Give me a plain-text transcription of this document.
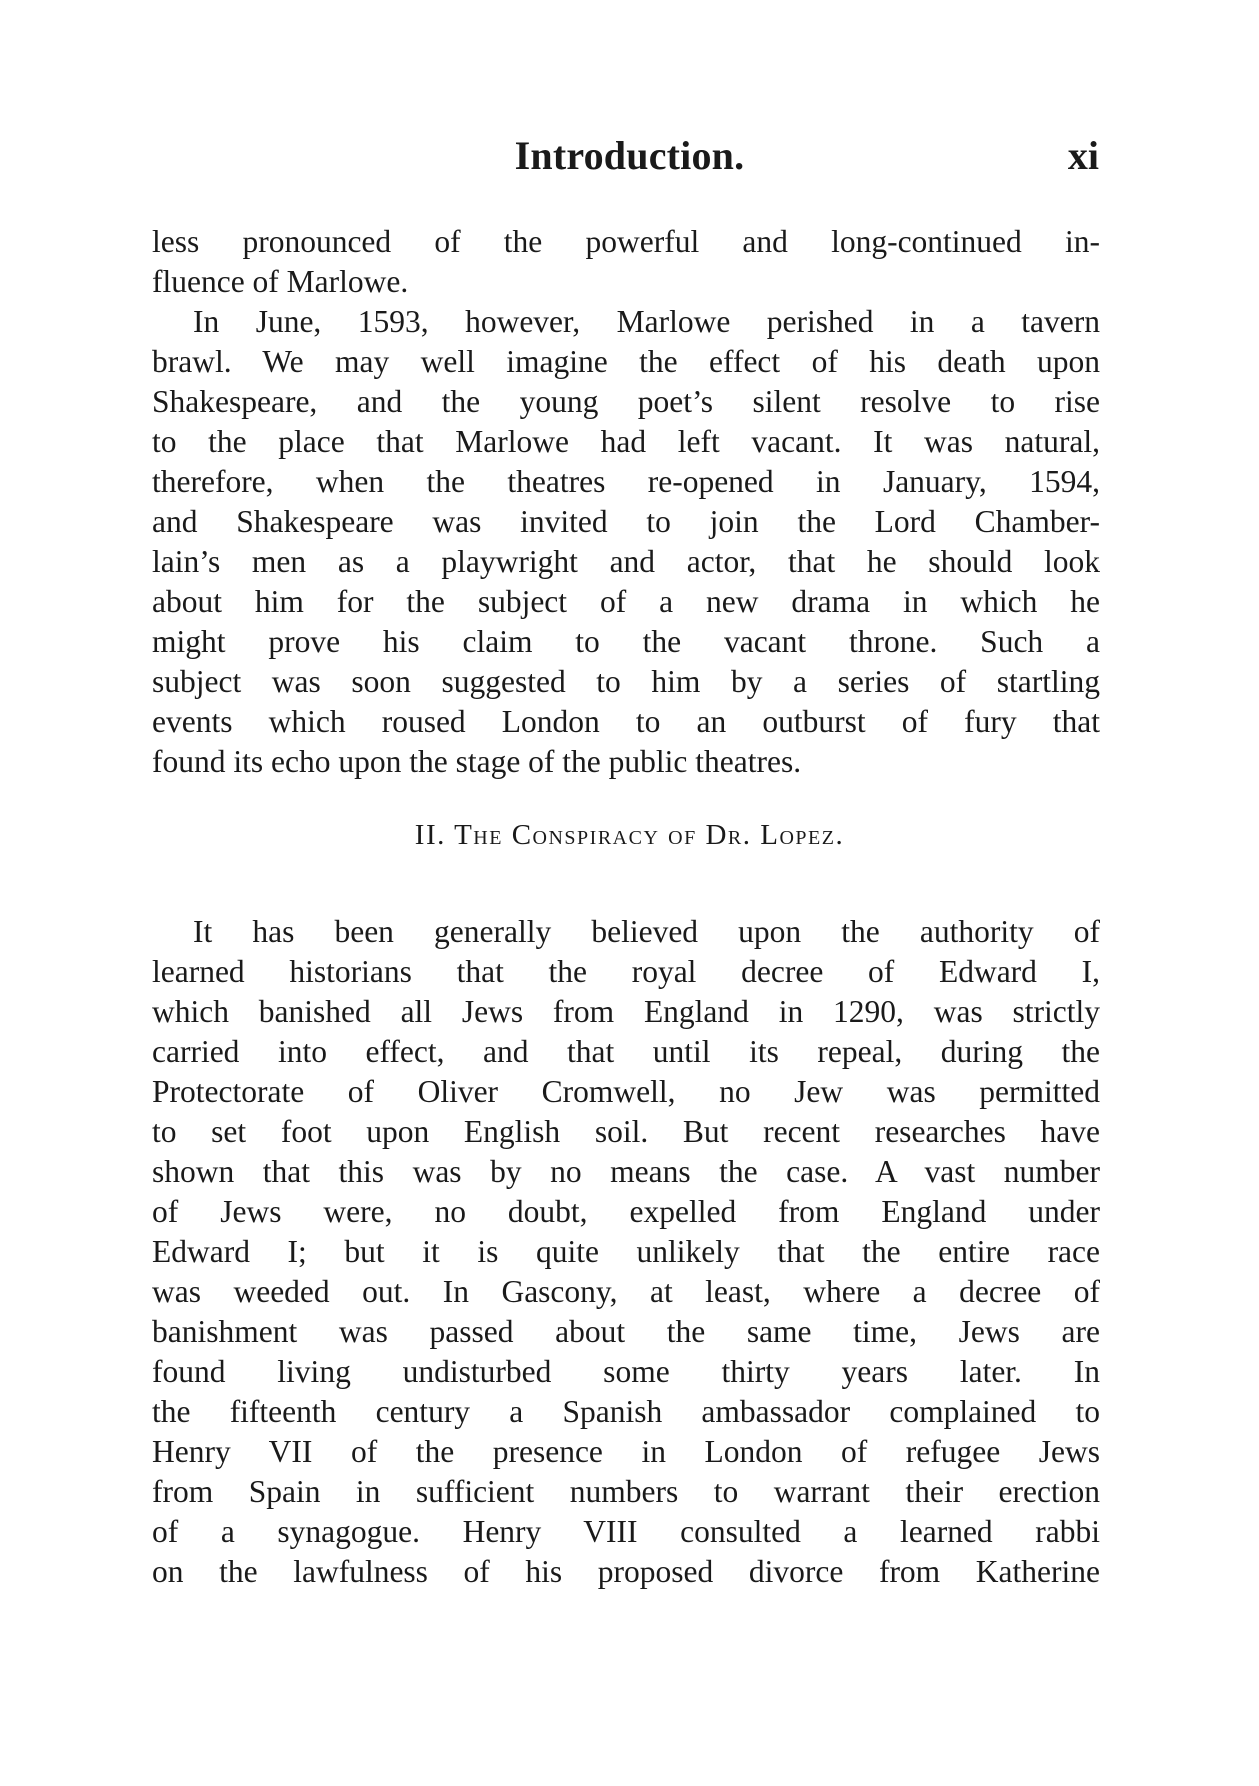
Introduction.	xi
less pronounced of the powerful and long-continued in-
fluence of Marlowe.
In June, 1593, however, Marlowe perished in a tavern
brawl. We may well imagine the effect of his death upon
Shakespeare, and the young poet’s silent resolve to rise
to the place that Marlowe had left vacant. It was natural,
therefore, when the theatres re-opened in January, 1594,
and Shakespeare was invited to join the Lord Chamber-
lain’s men as a playwright and actor, that he should look
about him for the subject of a new drama in which he
might prove his claim to the vacant throne. Such a
subject was soon suggested to him by a series of startling
events which roused London to an outburst of fury that
found its echo upon the stage of the public theatres.
II. The Conspiracy of Dr. Lopez.
It has been generally believed upon the authority of
learned historians that the royal decree of Edward I,
which banished all Jews from England in 1290, was strictly
carried into effect, and that until its repeal, during the
Protectorate of Oliver Cromwell, no Jew was permitted
to set foot upon English soil. But recent researches have
shown that this was by no means the case. A vast number
of Jews were, no doubt, expelled from England under
Edward I; but it is quite unlikely that the entire race
was weeded out. In Gascony, at least, where a decree of
banishment was passed about the same time, Jews are
found living undisturbed some thirty years later. In
the fifteenth century a Spanish ambassador complained to
Henry VII of the presence in London of refugee Jews
from Spain in sufficient numbers to warrant their erection
of a synagogue. Henry VIII consulted a learned rabbi
on the lawfulness of his proposed divorce from Katherine
